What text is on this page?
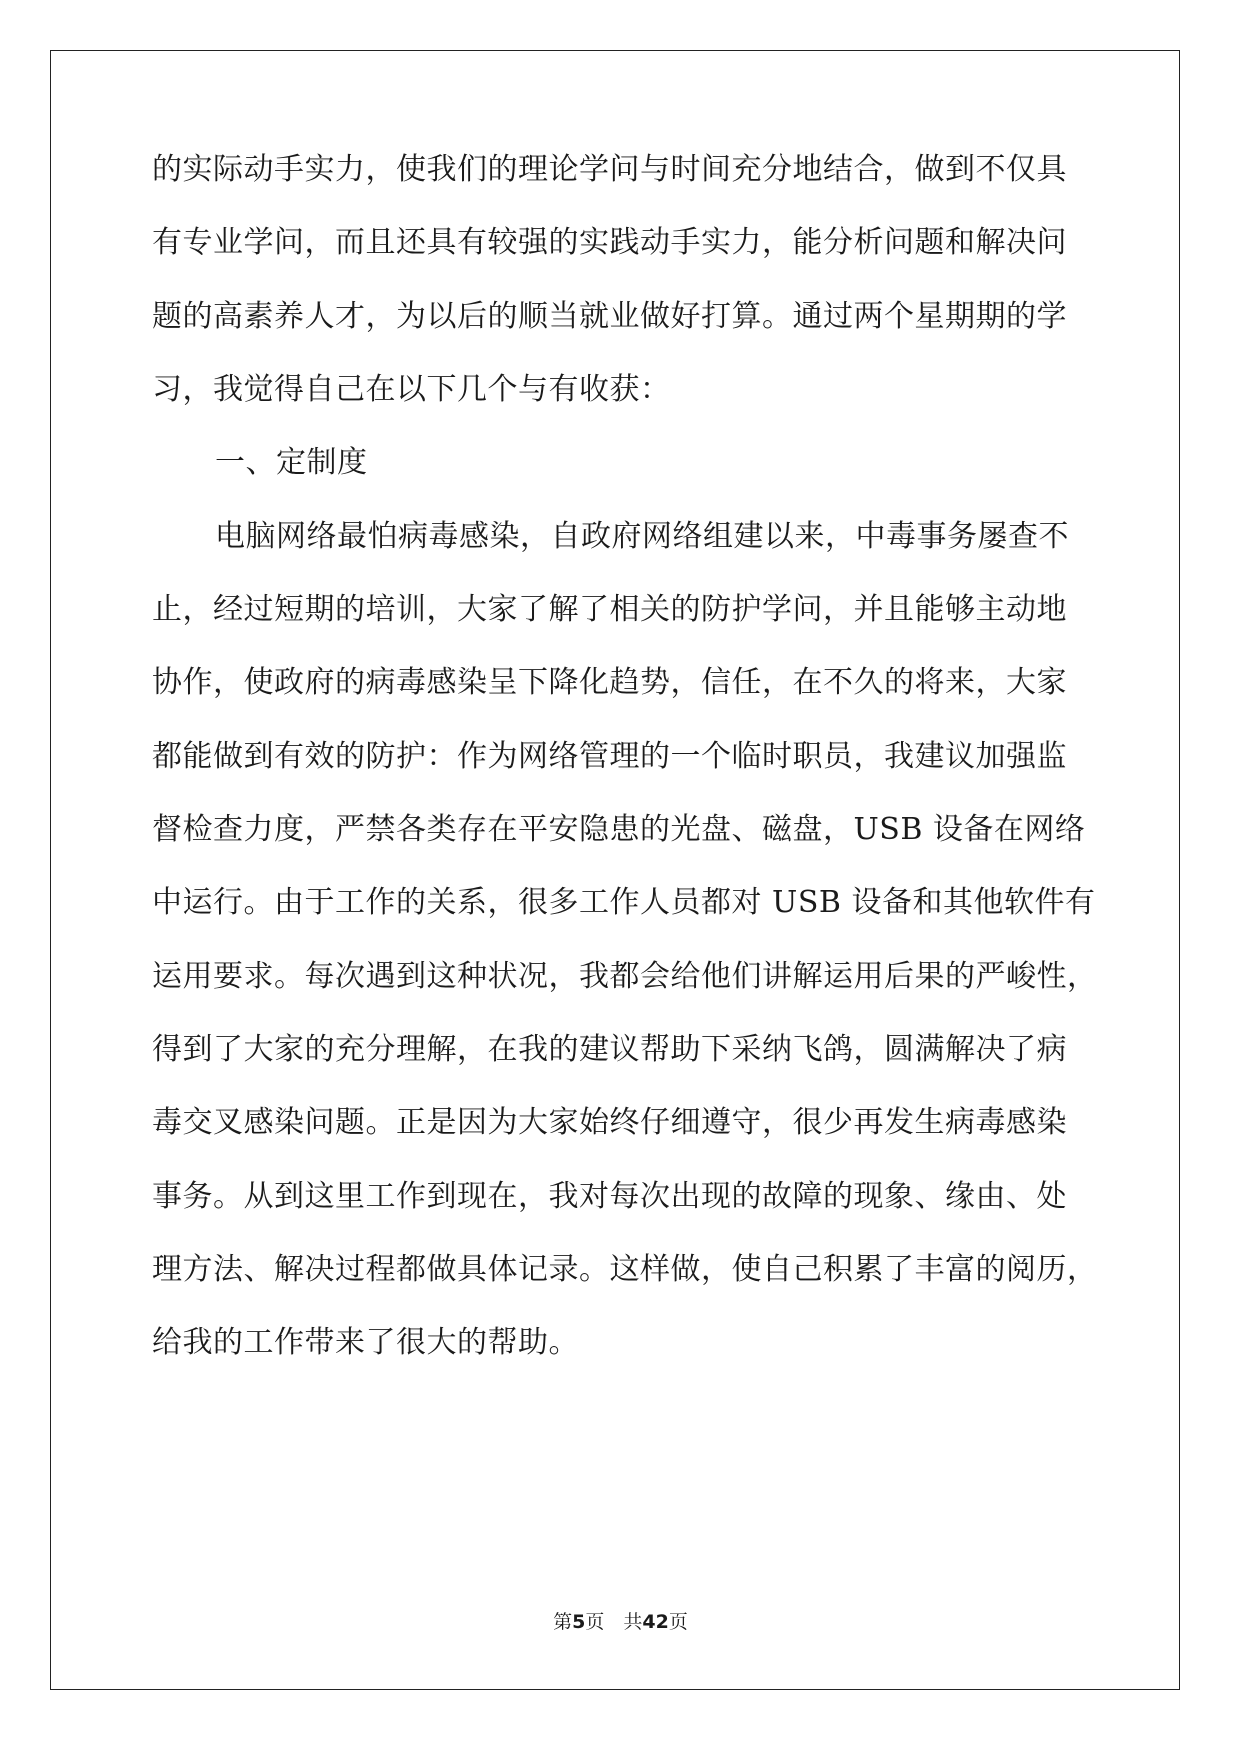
的实际动手实力，使我们的理论学问与时间充分地结合，做到不仅具
有专业学问，而且还具有较强的实践动手实力，能分析问题和解决问
题的高素养人才，为以后的顺当就业做好打算。通过两个星期期的学
习，我觉得自己在以下几个与有收获：
一、定制度
电脑网络最怕病毒感染，自政府网络组建以来，中毒事务屡查不
止，经过短期的培训，大家了解了相关的防护学问，并且能够主动地
协作，使政府的病毒感染呈下降化趋势，信任，在不久的将来，大家
都能做到有效的防护：作为网络管理的一个临时职员，我建议加强监
督检查力度，严禁各类存在平安隐患的光盘、磁盘，USB 设备在网络
中运行。由于工作的关系，很多工作人员都对 USB 设备和其他软件有
运用要求。每次遇到这种状况，我都会给他们讲解运用后果的严峻性，
得到了大家的充分理解，在我的建议帮助下采纳飞鸽，圆满解决了病
毒交叉感染问题。正是因为大家始终仔细遵守，很少再发生病毒感染
事务。从到这里工作到现在，我对每次出现的故障的现象、缘由、处
理方法、解决过程都做具体记录。这样做，使自己积累了丰富的阅历，
给我的工作带来了很大的帮助。
第5页　共42页
